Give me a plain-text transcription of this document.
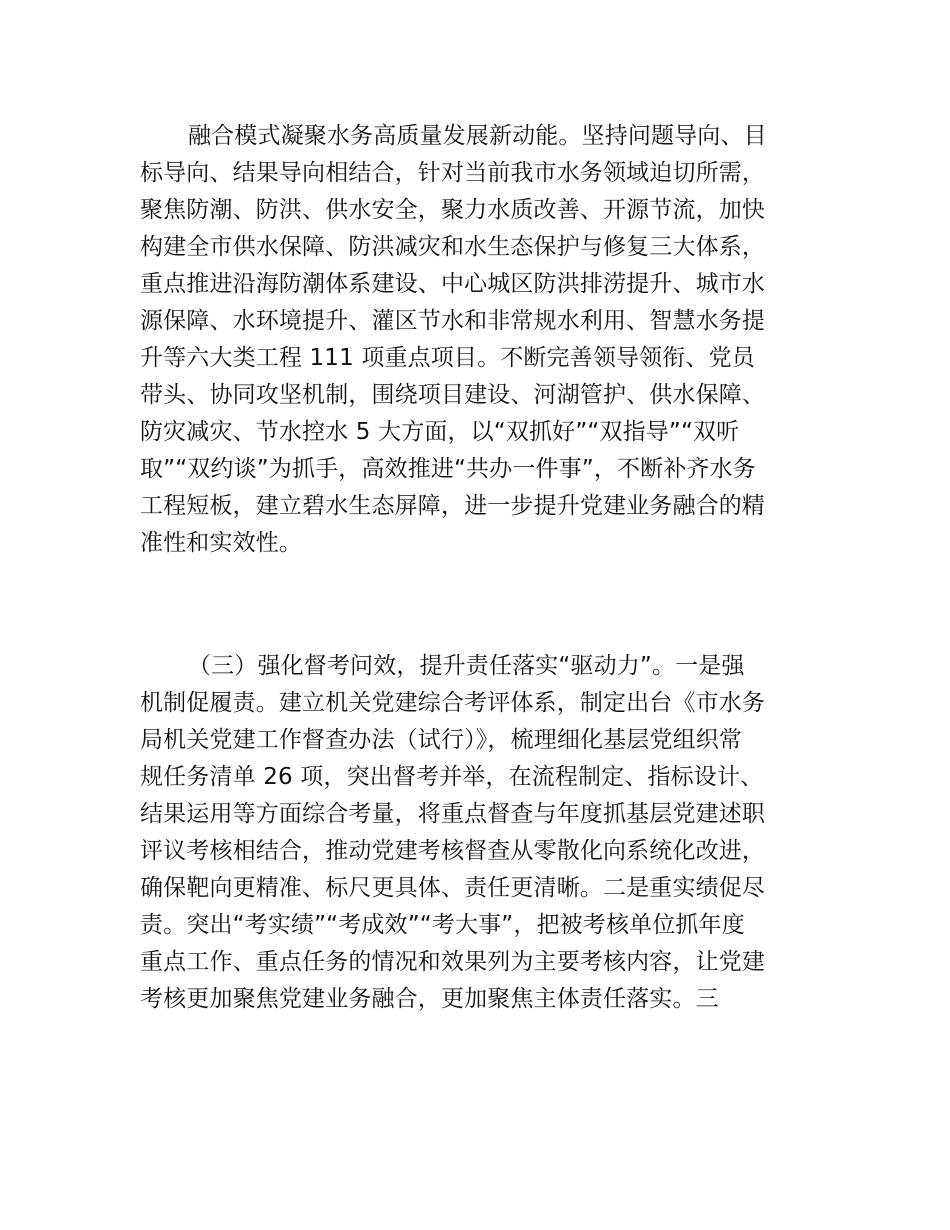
融合模式凝聚水务高质量发展新动能。坚持问题导向、目
标导向、结果导向相结合，针对当前我市水务领域迫切所需，
聚焦防潮、防洪、供水安全，聚力水质改善、开源节流，加快
构建全市供水保障、防洪减灾和水生态保护与修复三大体系，
重点推进沿海防潮体系建设、中心城区防洪排涝提升、城市水
源保障、水环境提升、灌区节水和非常规水利用、智慧水务提
升等六大类工程 111 项重点项目。不断完善领导领衔、党员
带头、协同攻坚机制，围绕项目建设、河湖管护、供水保障、
防灾减灾、节水控水 5 大方面，以“双抓好”“双指导”“双听
取”“双约谈”为抓手，高效推进“共办一件事”，不断补齐水务
工程短板，建立碧水生态屏障，进一步提升党建业务融合的精
准性和实效性。
（三）强化督考问效，提升责任落实“驱动力”。一是强
机制促履责。建立机关党建综合考评体系，制定出台《市水务
局机关党建工作督查办法（试行）》，梳理细化基层党组织常
规任务清单 26 项，突出督考并举，在流程制定、指标设计、
结果运用等方面综合考量，将重点督查与年度抓基层党建述职
评议考核相结合，推动党建考核督查从零散化向系统化改进，
确保靶向更精准、标尺更具体、责任更清晰。二是重实绩促尽
责。突出“考实绩”“考成效”“考大事”，把被考核单位抓年度
重点工作、重点任务的情况和效果列为主要考核内容，让党建
考核更加聚焦党建业务融合，更加聚焦主体责任落实。三
